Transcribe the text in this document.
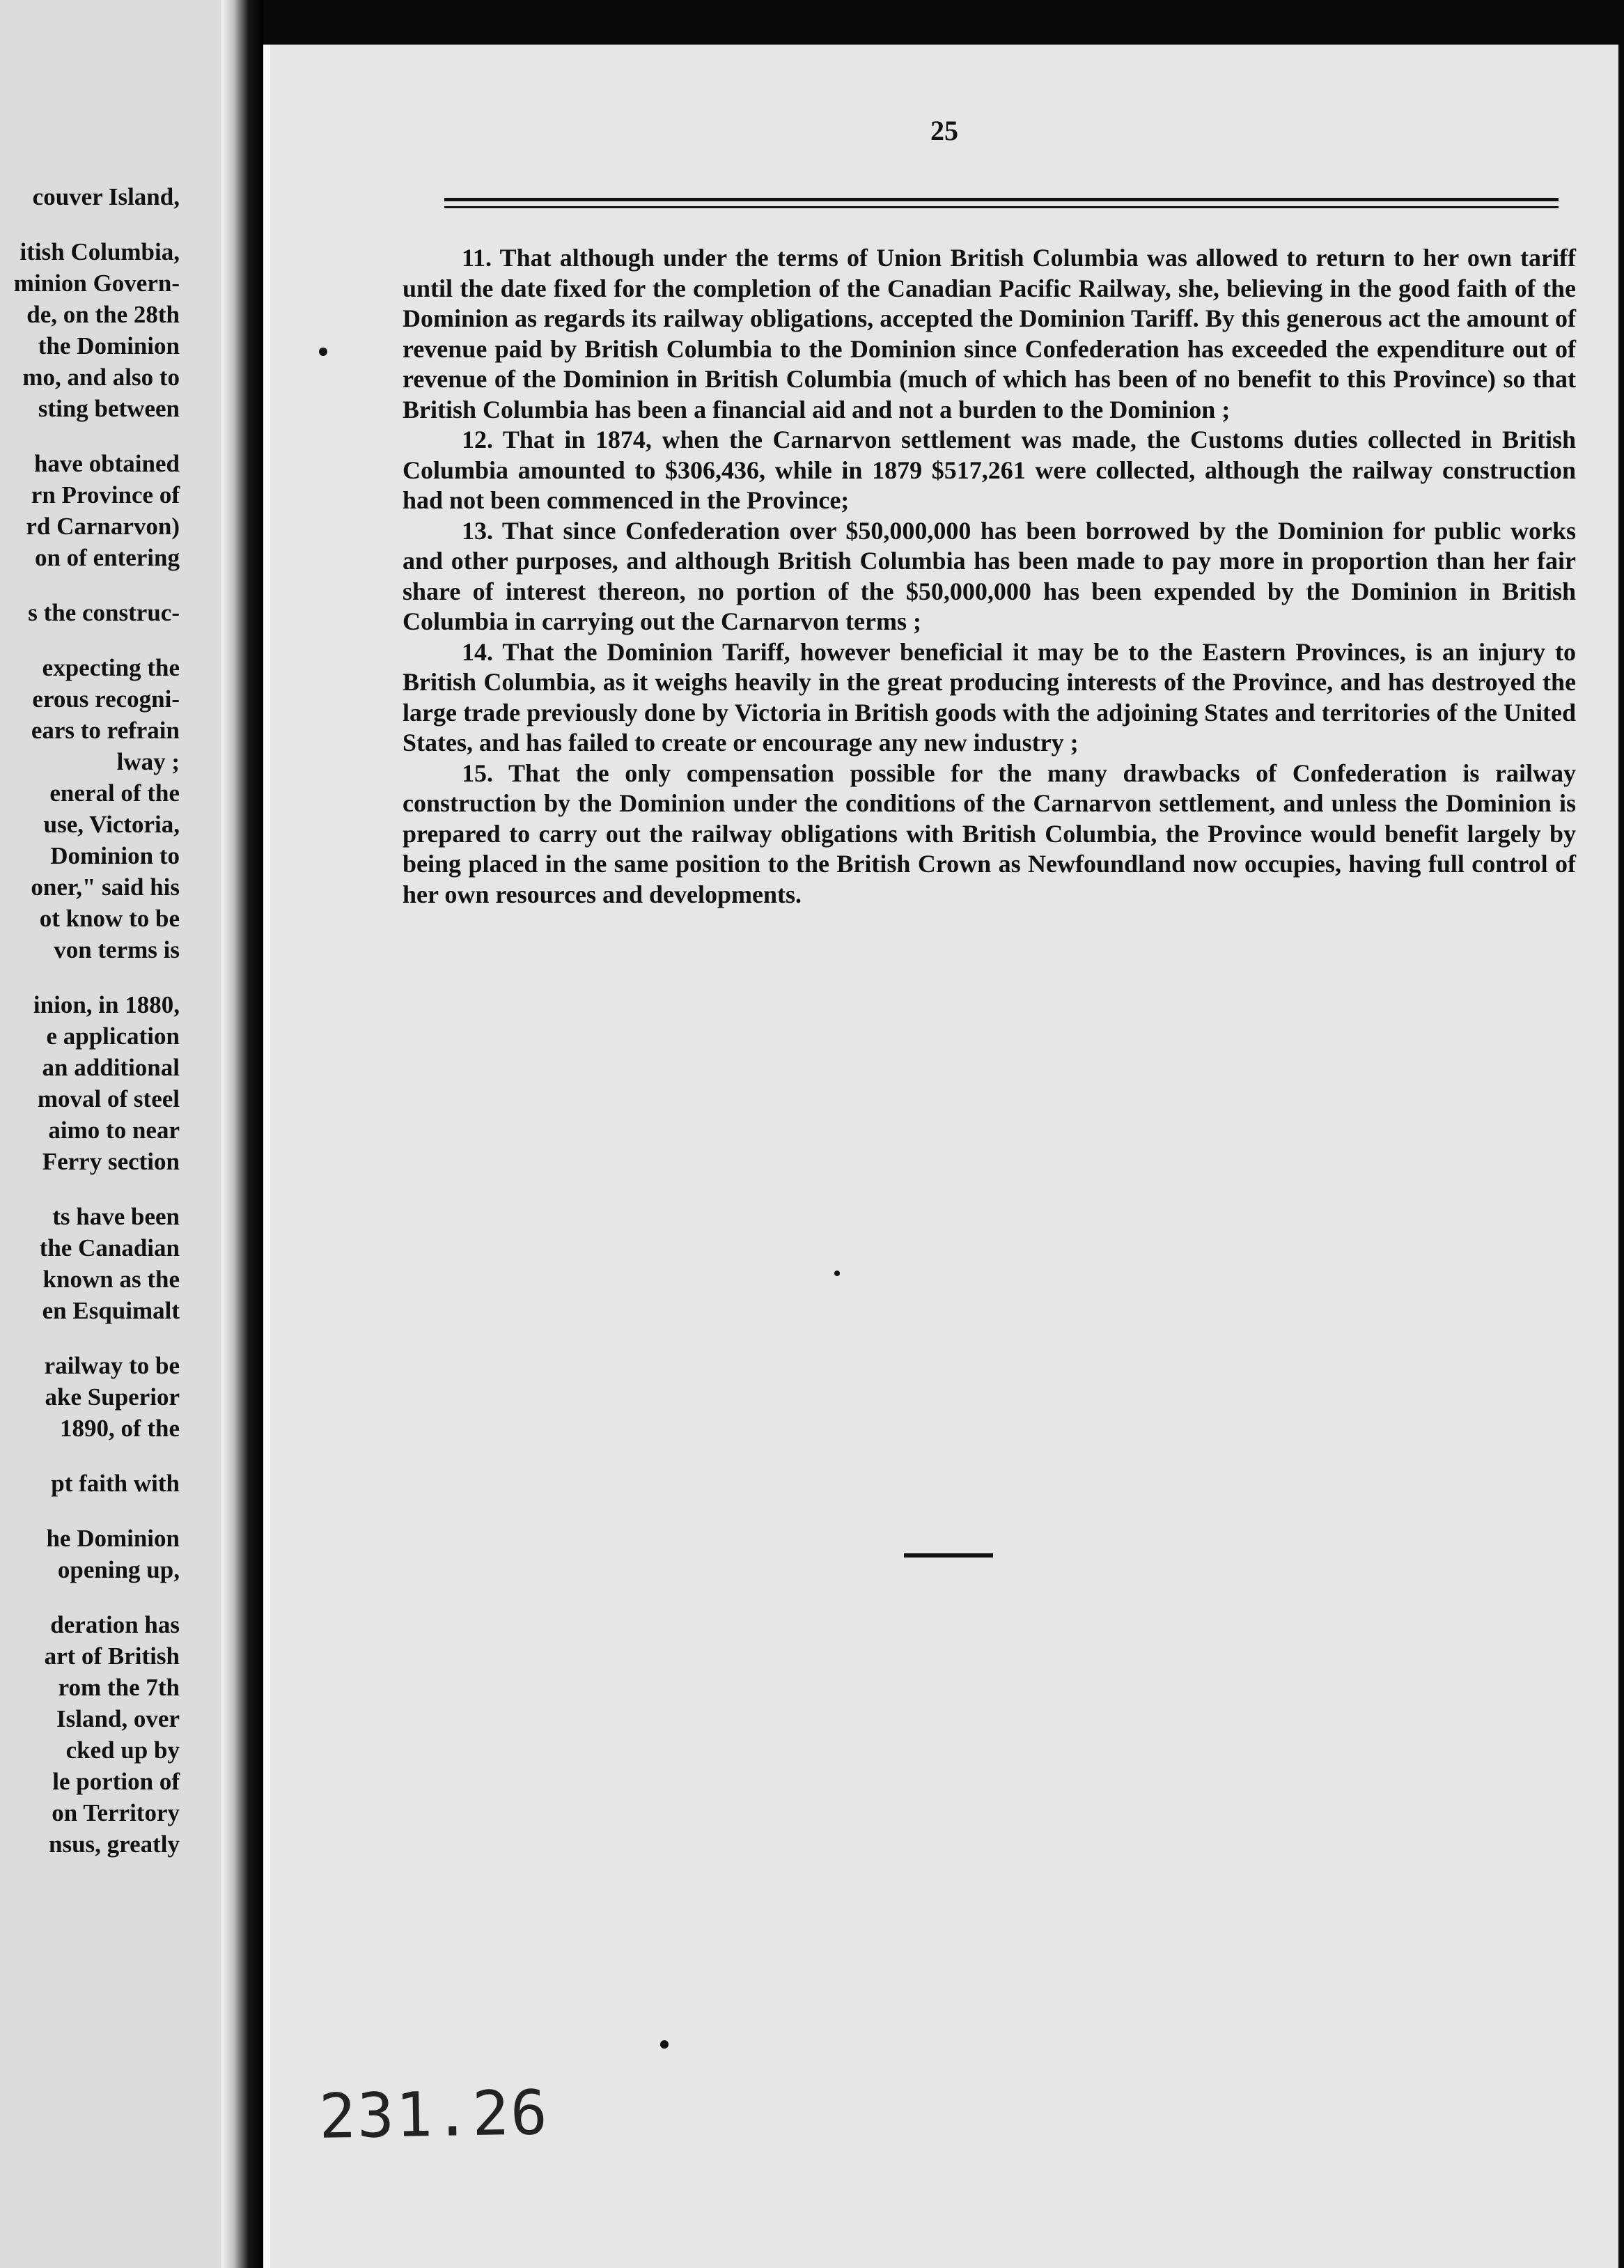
couver Island,
itish Columbia,
minion Govern-
de, on the 28th
the Dominion
mo, and also to
sting between
have obtained
rn Province of
rd Carnarvon)
on of entering
s the construc-
expecting the
erous recogni-
ears to refrain
lway ;
eneral of the
use, Victoria,
Dominion to
oner," said his
ot know to be
von terms is
inion, in 1880,
e application
an additional
moval of steel
aimo to near
Ferry section
ts have been
the Canadian
known as the
en Esquimalt
railway to be
ake Superior
1890, of the
pt faith with
he Dominion
opening up,
deration has
art of British
rom the 7th
Island, over
cked up by
le portion of
on Territory
nsus, greatly
25

11. That although under the terms of Union British Columbia was allowed to return to her own tariff until the date fixed for the completion of the Canadian Pacific Railway, she, believing in the good faith of the Dominion as regards its railway obligations, accepted the Dominion Tariff. By this generous act the amount of revenue paid by British Columbia to the Dominion since Confederation has exceeded the expenditure out of revenue of the Dominion in British Columbia (much of which has been of no benefit to this Province) so that British Columbia has been a financial aid and not a burden to the Dominion ;

12. That in 1874, when the Carnarvon settlement was made, the Customs duties collected in British Columbia amounted to $306,436, while in 1879 $517,261 were collected, although the railway construction had not been commenced in the Province;

13. That since Confederation over $50,000,000 has been borrowed by the Dominion for public works and other purposes, and although British Columbia has been made to pay more in proportion than her fair share of interest thereon, no portion of the $50,000,000 has been expended by the Dominion in British Columbia in carrying out the Carnarvon terms ;

14. That the Dominion Tariff, however beneficial it may be to the Eastern Provinces, is an injury to British Columbia, as it weighs heavily in the great producing interests of the Province, and has destroyed the large trade previously done by Victoria in British goods with the adjoining States and territories of the United States, and has failed to create or encourage any new industry ;

15. That the only compensation possible for the many drawbacks of Confederation is railway construction by the Dominion under the conditions of the Carnarvon settlement, and unless the Dominion is prepared to carry out the railway obligations with British Columbia, the Province would benefit largely by being placed in the same position to the British Crown as Newfoundland now occupies, having full control of her own resources and developments.

231.26
